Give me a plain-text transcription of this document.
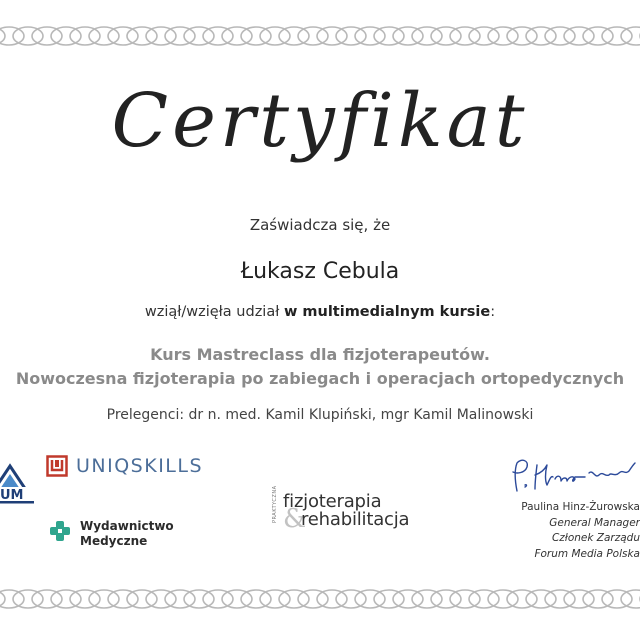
Certyfikat
Zaświadcza się, że
Łukasz Cebula
wziął/wzięła udział w multimedialnym kursie:
Kurs Mastreclass dla fizjoterapeutów.
Nowoczesna fizjoterapia po zabiegach i operacjach ortopedycznych
Prelegenci: dr n. med. Kamil Klupiński, mgr Kamil Malinowski
UM
UNIQSKILLS
Wydawnictwo
Medyczne
PRAKTYCZNA fizjoterapia
&
rehabilitacja
Paulina Hinz-Żurowska
General Manager
Członek Zarządu
Forum Media Polska
